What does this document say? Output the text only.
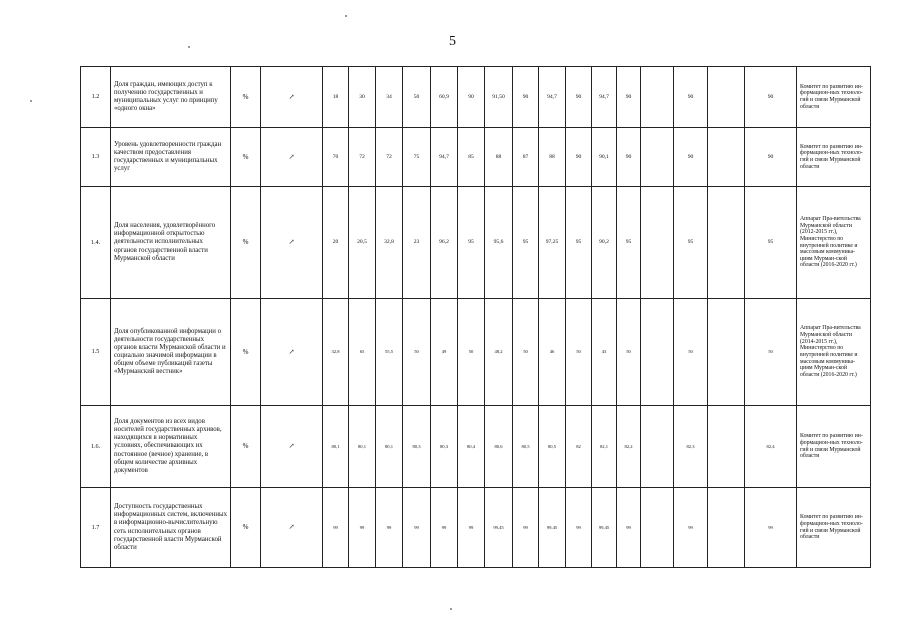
5
1.2	Доля граждан, имеющих доступ к получению государственных и муниципальных услуг по принципу «одного окна»	%	↗	18	30	34	50	60,9	90	91,50	90	94,7	90	94,7	90		90		90	Комитет по развитию ин-формацион-ных техноло-гий и связи Мурманской области
1.3	Уровень удовлетворенности граждан качеством предоставления государственных и муниципальных услуг	%	↗	70	72	72	75	94,7	85	88	87	88	90	90,1	90		90		90	Комитет по развитию ин-формацион-ных техноло-гий и связи Мурманской области
1.4.	Доля населения, удовлетворённого информационной открытостью деятельности исполнительных органов государственной власти Мурманской области	%	↗	20	20,5	32,8	23	96,2	95	95,6	95	97,25	95	90,2	95		95		95	Аппарат Пра-вительства Мурманской области (2012-2015 гг.), Министерство по внутренней политике и массовым коммуника-циям Мурман-ской области (2016-2020 гг.)
1.5	Доля опубликованной информации о деятельности государственных органов власти Мурманской области и социально значимой информации в общем объеме публикаций газеты «Мурманский вестник»	%	↗	32,8	65	55,5	50	49	50	48,2	50	46	50	43	50		50		50	Аппарат Пра-вительства Мурманской области (2014-2015 гг.), Министерство по внутренней политике и массовым коммуника-циям Мурман-ской области (2016-2020 гг.)
1.6.	Доля документов из всех видов носителей государственных архивов, находящихся в нормативных условиях, обеспечивающих их постоянное (вечное) хранение, в общем количестве архивных документов	%	↗	80,1	80,1	80,1	80,3	80,3	80,4	80,6	80,5	80,5	82	82,1	82,2		82,3		82,4	Комитет по развитию ин-формацион-ных техноло-гий и связи Мурманской области
1.7	Доступность государственных информационных систем, включенных в информационно-вычислительную сеть исполнительных органов государственной власти Мурманской области	%	↗	99	99	99	99	99	99	99,45	99	99,45	99	99,45	99		99		99	Комитет по развитию ин-формацион-ных техноло-гий и связи Мурманской области
